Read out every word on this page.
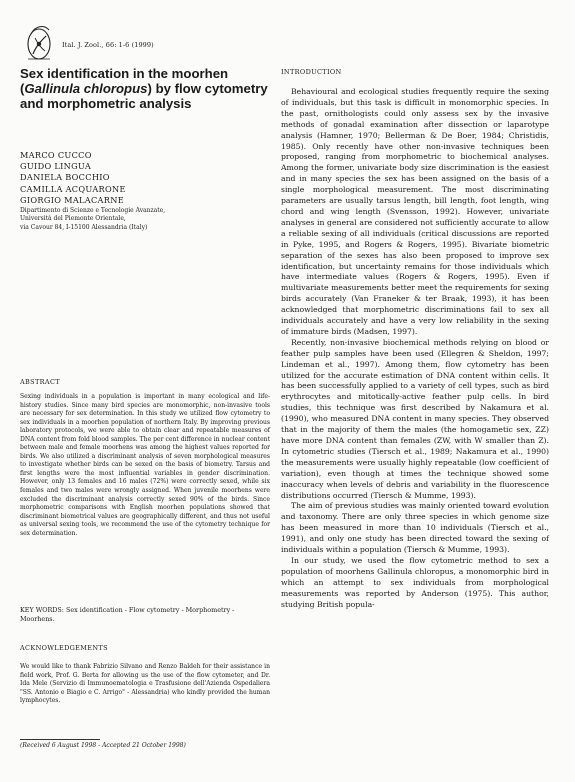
Ital. J. Zool., 66: 1-6 (1999)
Sex identification in the moorhen
(Gallinula chloropus) by flow cytometry
and morphometric analysis
MARCO CUCCO
GUIDO LINGUA
DANIELA BOCCHIO
CAMILLA ACQUARONE
GIORGIO MALACARNE
Dipartimento di Scienze e Tecnologie Avanzate,
Università del Piemonte Orientale,
via Cavour 84, I-15100 Alessandria (Italy)
ABSTRACT

Sexing individuals in a population is important in many ecological and life-history studies. Since many bird species are monomorphic, non-invasive tools are necessary for sex determination. In this study we utilized flow cytometry to sex individuals in a moorhen population of northern Italy. By improving previous laboratory protocols, we were able to obtain clear and repeatable measures of DNA content from fold blood samples. The per cent difference in nuclear content between male and female moorhens was among the highest values reported for birds. We also utilized a discriminant analysis of seven morphological measures to investigate whether birds can be sexed on the basis of biometry. Tarsus and first lengths were the most influential variables in gender discrimination. However, only 13 females and 16 males (72%) were correctly sexed, while six females and two males were wrongly assigned. When juvenile moorhens were excluded the discriminant analysis correctly sexed 90% of the birds. Since morphometric comparisons with English moorhen populations showed that discriminant biometrical values are geographically different, and thus not useful as universal sexing tools, we recommend the use of the cytometry technique for sex determination.

KEY WORDS: Sex identification - Flow cytometry - Morphometry - Moorhens.

ACKNOWLEDGEMENTS

We would like to thank Fabrizio Silvano and Renzo Baldeh for their assistance in field work, Prof. G. Berta for allowing us the use of the flow cytometer, and Dr. Ida Mele (Servizio di Immunoematologia e Trasfusione dell'Azienda Ospedaliera "SS. Antonio e Biagio e C. Arrigo" - Alessandria) who kindly provided the human lymphocytes.

(Received 6 August 1998 - Accepted 21 October 1998)
INTRODUCTION

Behavioural and ecological studies frequently require the sexing of individuals, but this task is difficult in monomorphic species. In the past, ornithologists could only assess sex by the invasive methods of gonadal examination after dissection or laparotype analysis (Hamner, 1970; Bellerman & De Boer, 1984; Christidis, 1985). Only recently have other non-invasive techniques been proposed, ranging from morphometric to biochemical analyses. Among the former, univariate body size discrimination is the easiest and in many species the sex has been assigned on the basis of a single morphological measurement. The most discriminating parameters are usually tarsus length, bill length, foot length, wing chord and wing length (Svensson, 1992). However, univariate analyses in general are considered not sufficiently accurate to allow a reliable sexing of all individuals (critical discussions are reported in Pyke, 1995, and Rogers & Rogers, 1995). Bivariate biometric separation of the sexes has also been proposed to improve sex identification, but uncertainty remains for those individuals which have intermediate values (Rogers & Rogers, 1995). Even if multivariate measurements better meet the requirements for sexing birds accurately (Van Franeker & ter Braak, 1993), it has been acknowledged that morphometric discriminations fail to sex all individuals accurately and have a very low reliability in the sexing of immature birds (Madsen, 1997).

Recently, non-invasive biochemical methods relying on blood or feather pulp samples have been used (Ellegren & Sheldon, 1997; Lindeman et al., 1997). Among them, flow cytometry has been utilized for the accurate estimation of DNA content within cells. It has been successfully applied to a variety of cell types, such as bird erythrocytes and mitotically-active feather pulp cells. In bird studies, this technique was first described by Nakamura et al. (1990), who measured DNA content in many species. They observed that in the majority of them the males (the homogametic sex, ZZ) have more DNA content than females (ZW, with W smaller than Z). In cytometric studies (Tiersch et al., 1989; Nakamura et al., 1990) the measurements were usually highly repeatable (low coefficient of variation), even though at times the technique showed some inaccuracy when levels of debris and variability in the fluorescence distributions occurred (Tiersch & Mumme, 1993).

The aim of previous studies was mainly oriented toward evolution and taxonomy. There are only three species in which genome size has been measured in more than 10 individuals (Tiersch et al., 1991), and only one study has been directed toward the sexing of individuals within a population (Tiersch & Mumme, 1993).

In our study, we used the flow cytometric method to sex a population of moorhens Gallinula chloropus, a monomorphic bird in which an attempt to sex individuals from morphological measurements was reported by Anderson (1975). This author, studying British popula-
